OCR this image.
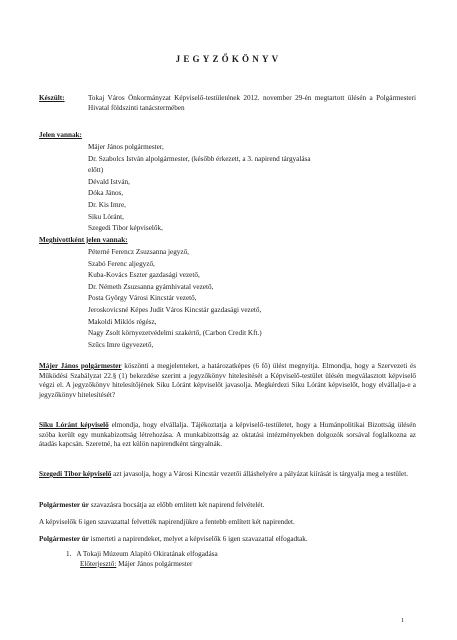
JEGYZŐKÖNYV
Készült:	Tokaj Város Önkormányzat Képviselő-testületének 2012. november 29-én megtartott ülésén a Polgármesteri Hivatal földszinti tanácstermében
Jelen vannak:
Májer János polgármester,
Dr. Szabolcs István alpolgármester, (később érkezett, a 3. napirend tárgyalása
előtt)
Dévald István,
Dóka János,
Dr. Kis Imre,
Siku Lóránt,
Szegedi Tibor képviselők,
Meghívottként jelen vannak:
Péterné Ferencz Zsuzsanna jegyző,
Szabó Ferenc aljegyző,
Kuba-Kovács Eszter gazdasági vezető,
Dr. Németh Zsuzsanna gyámhivatal vezető,
Posta György Városi Kincstár vezető,
Jeroskovicsné Képes Judit Város Kincstár gazdasági vezető,
Makoldi Miklós régész,
Nagy Zsolt környezetvédelmi szakértő, (Carbon Credit Kft.)
Szűcs Imre ügyvezető,
Májer János polgármester köszönti a megjelenteket, a határozatképes (6 fő) ülést megnyitja. Elmondja, hogy a Szervezeti és Működési Szabályzat 22.§ (1) bekezdése szerint a jegyzőkönyv hitelesítését a Képviselő-testület ülésén megválasztott képviselő végzi el. A jegyzőkönyv hitelesítőjének Siku Lóránt képviselőt javasolja. Megkérdezi Siku Lóránt képviselőt, hogy elvállalja-e a jegyzőkönyv hitelesítését?
Siku Lóránt képviselő elmondja, hogy elvállalja. Tájékoztatja a képviselő-testületet, hogy a Humánpolitikai Bizottság ülésén szóba került egy munkabizottság létrehozása. A munkabizottság az oktatási intézményekben dolgozók sorsával foglalkozna az átadás kapcsán. Szeretné, ha ezt külön napirendként tárgyalnák.
Szegedi Tibor képviselő azt javasolja, hogy a Városi Kincstár vezetői álláshelyére a pályázat kiírását is tárgyalja meg a testület.
Polgármester úr szavazásra bocsátja az előbb említett két napirend felvételét.
A képviselők 6 igen szavazattal felvették napirendjükre a fentebb említett két napirendet.
Polgármester úr ismerteti a napirendeket, melyet a képviselők 6 igen szavazattal elfogadtak.
1.   A Tokaji Múzeum Alapító Okiratának elfogadása
Előterjesztő: Májer János polgármester
1
